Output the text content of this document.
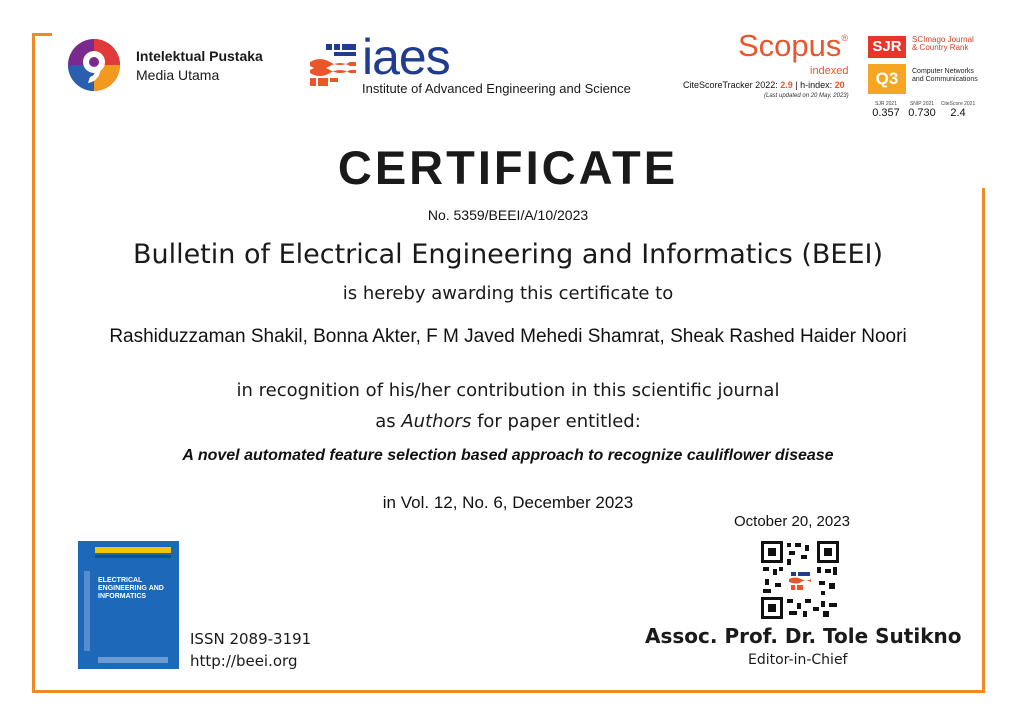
Intelektual Pustaka
Media Utama	iaes
Institute of Advanced Engineering and Science
Scopus®
indexed
CiteScoreTracker 2022: 2.9 | h-index: 20
(Last updated on 20 May, 2023)
SJR	SCImago Journal & Country Rank
Q3	Computer Networks and Communications
SJR 2021
0.357
SNIP 2021
0.730
CiteScore 2021
2.4
CERTIFICATE
No. 5359/BEEI/A/10/2023
Bulletin of Electrical Engineering and Informatics (BEEI)
is hereby awarding this certificate to
Rashiduzzaman Shakil, Bonna Akter, F M Javed Mehedi Shamrat, Sheak Rashed Haider Noori
in recognition of his/her contribution in this scientific journal
as Authors for paper entitled:
A novel automated feature selection based approach to recognize cauliflower disease
in Vol. 12, No. 6, December 2023
October 20, 2023
ELECTRICAL ENGINEERING AND INFORMATICS
ISSN 2089-3191
http://beei.org
Assoc. Prof. Dr. Tole Sutikno
Editor-in-Chief
